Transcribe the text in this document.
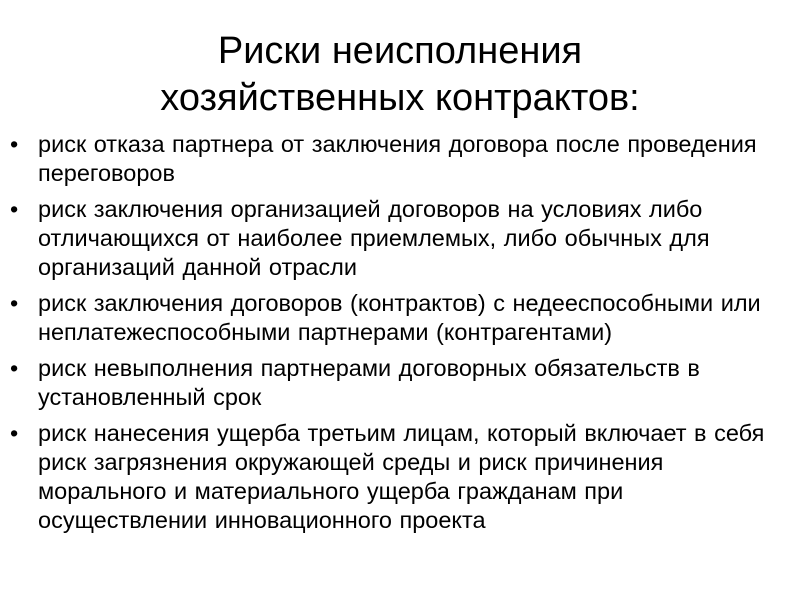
Риски неисполнения
хозяйственных контрактов:
• риск отказа партнера от заключения договора после проведения переговоров
• риск заключения организацией договоров на условиях либо отличающихся от наиболее приемлемых, либо обычных для организаций данной отрасли
• риск заключения договоров (контрактов) с недееспособными или неплатежеспособными партнерами (контрагентами)
• риск невыполнения партнерами договорных обязательств в установленный срок
• риск нанесения ущерба третьим лицам, который включает в себя риск загрязнения окружающей среды и риск причинения морального и материального ущерба гражданам при осуществлении инновационного проекта
